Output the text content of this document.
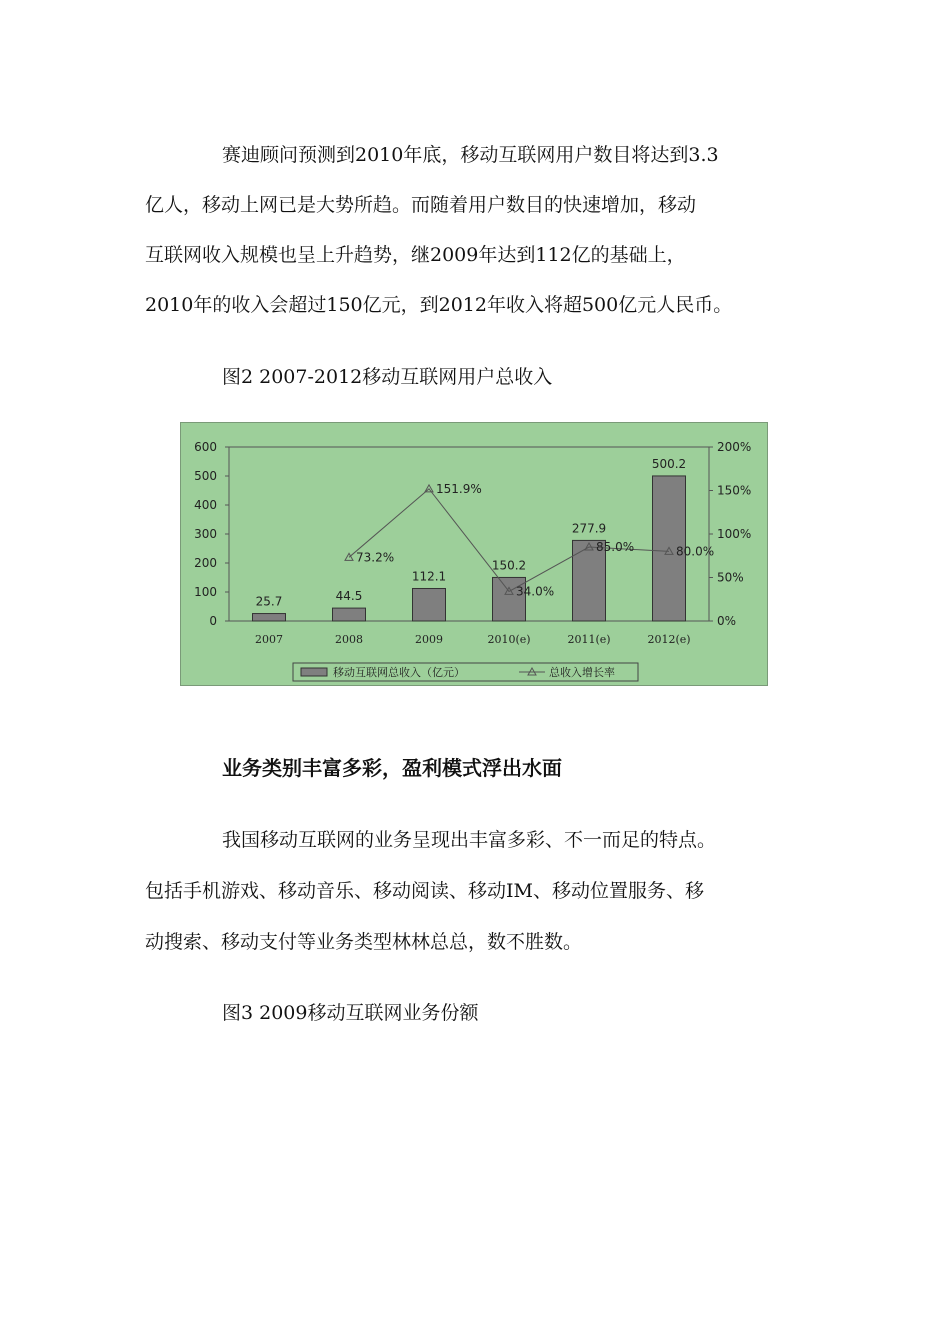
赛迪顾问预测到2010年底，移动互联网用户数目将达到3.3
亿人，移动上网已是大势所趋。而随着用户数目的快速增加，移动
互联网收入规模也呈上升趋势，继2009年达到112亿的基础上，
2010年的收入会超过150亿元，到2012年收入将超500亿元人民币。
图2 2007-2012移动互联网用户总收入
0
100
200
300
400
500
600
0%
50%
100%
150%
200%
25.7	44.5
112.1
150.2
277.9
500.2
2007	2008	2009	2010(e)	2011(e)	2012(e)
73.2%
151.9%
34.0%
85.0%	80.0%
移动互联网总收入（亿元）	总收入增长率
业务类别丰富多彩，盈利模式浮出水面
我国移动互联网的业务呈现出丰富多彩、不一而足的特点。
包括手机游戏、移动音乐、移动阅读、移动IM、移动位置服务、移
动搜索、移动支付等业务类型林林总总，数不胜数。
图3 2009移动互联网业务份额
